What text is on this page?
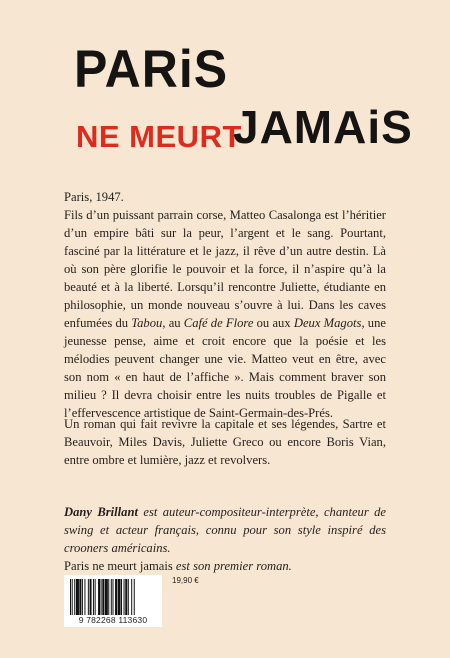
PARiS
NE MEURT
JAMAiS

Paris, 1947.

Fils d’un puissant parrain corse, Matteo Casalonga est l’héritier d’un empire bâti sur la peur, l’argent et le sang. Pourtant, fasciné par la littérature et le jazz, il rêve d’un autre destin. Là où son père glorifie le pouvoir et la force, il n’aspire qu’à la beauté et à la liberté. Lorsqu’il rencontre Juliette, étudiante en philosophie, un monde nouveau s’ouvre à lui. Dans les caves enfumées du Tabou, au Café de Flore ou aux Deux Magots, une jeunesse pense, aime et croit encore que la poésie et les mélodies peuvent changer une vie. Matteo veut en être, avec son nom « en haut de l’affiche ». Mais comment braver son milieu ? Il devra choisir entre les nuits troubles de Pigalle et l’effervescence artistique de Saint-Germain-des-Prés.

Un roman qui fait revivre la capitale et ses légendes, Sartre et Beauvoir, Miles Davis, Juliette Greco ou encore Boris Vian, entre ombre et lumière, jazz et revolvers.

Dany Brillant est auteur-compositeur-interprète, chanteur de swing et acteur français, connu pour son style inspiré des crooners américains.
Paris ne meurt jamais est son premier roman.

9 782268 113630
19,90 €
